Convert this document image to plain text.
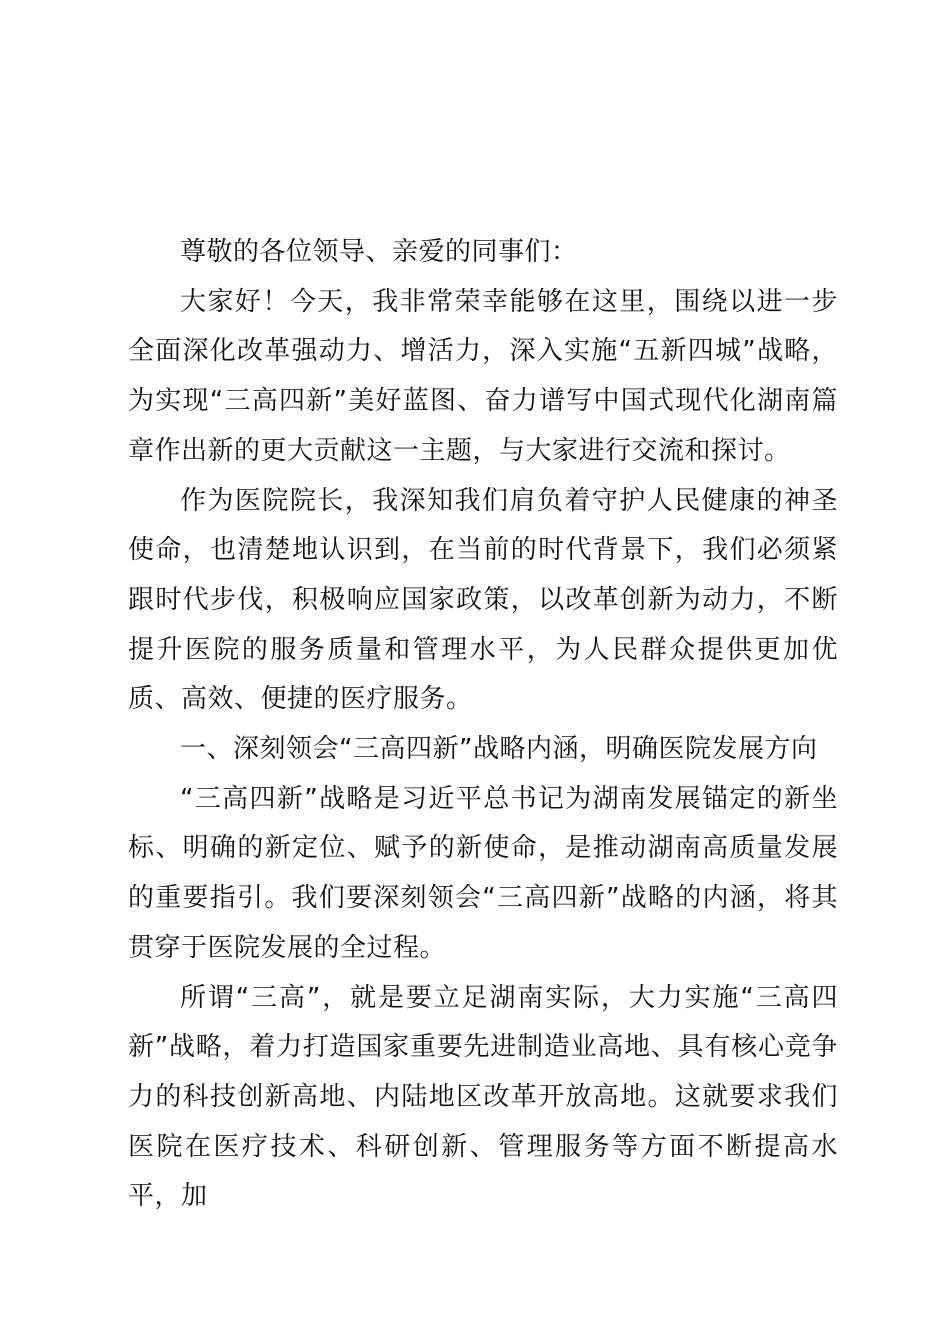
尊敬的各位领导、亲爱的同事们：

大家好！今天，我非常荣幸能够在这里，围绕以进一步全面深化改革强动力、增活力，深入实施“五新四城”战略，为实现“三高四新”美好蓝图、奋力谱写中国式现代化湖南篇章作出新的更大贡献这一主题，与大家进行交流和探讨。

作为医院院长，我深知我们肩负着守护人民健康的神圣使命，也清楚地认识到，在当前的时代背景下，我们必须紧跟时代步伐，积极响应国家政策，以改革创新为动力，不断提升医院的服务质量和管理水平，为人民群众提供更加优质、高效、便捷的医疗服务。

一、深刻领会“三高四新”战略内涵，明确医院发展方向

“三高四新”战略是习近平总书记为湖南发展锚定的新坐标、明确的新定位、赋予的新使命，是推动湖南高质量发展的重要指引。我们要深刻领会“三高四新”战略的内涵，将其贯穿于医院发展的全过程。

所谓“三高”，就是要立足湖南实际，大力实施“三高四新”战略，着力打造国家重要先进制造业高地、具有核心竞争力的科技创新高地、内陆地区改革开放高地。这就要求我们医院在医疗技术、科研创新、管理服务等方面不断提高水平，加
